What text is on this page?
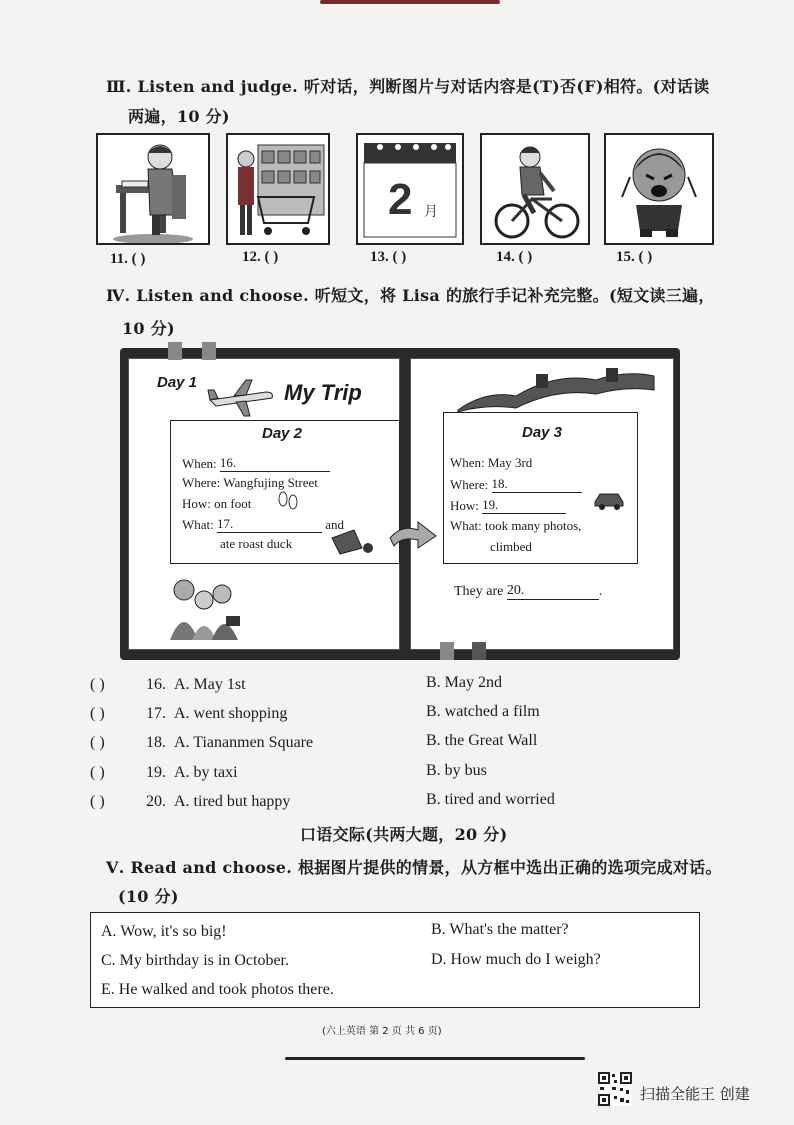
Ⅲ. Listen and judge. 听对话，判断图片与对话内容是(T)否(F)相符。(对话读
两遍，10 分)
2 月
11. ( )	12. ( )	13. ( )	14. ( )	15. ( )
Ⅳ. Listen and choose. 听短文，将 Lisa 的旅行手记补充完整。(短文读三遍，
10 分)
Day 1	My Trip
Day 2
When: 16.
Where: Wangfujing Street
How: on foot
What: 17.	and
ate roast duck
Day 3
When: May 3rd
Where: 18.
How: 19.
What: took many photos,
climbed
They are 20.	.
( )	16. A. May 1st	B. May 2nd
( )	17. A. went shopping	B. watched a film
( )	18. A. Tiananmen Square	B. the Great Wall
( )	19. A. by taxi	B. by bus
( )	20. A. tired but happy	B. tired and worried
口语交际(共两大题，20 分)
Ⅴ. Read and choose. 根据图片提供的情景，从方框中选出正确的选项完成对话。
(10 分)
A. Wow, it's so big!	B. What's the matter?
C. My birthday is in October.	D. How much do I weigh?
E. He walked and took photos there.
(六上英语 第 2 页 共 6 页)
扫描全能王 创建
